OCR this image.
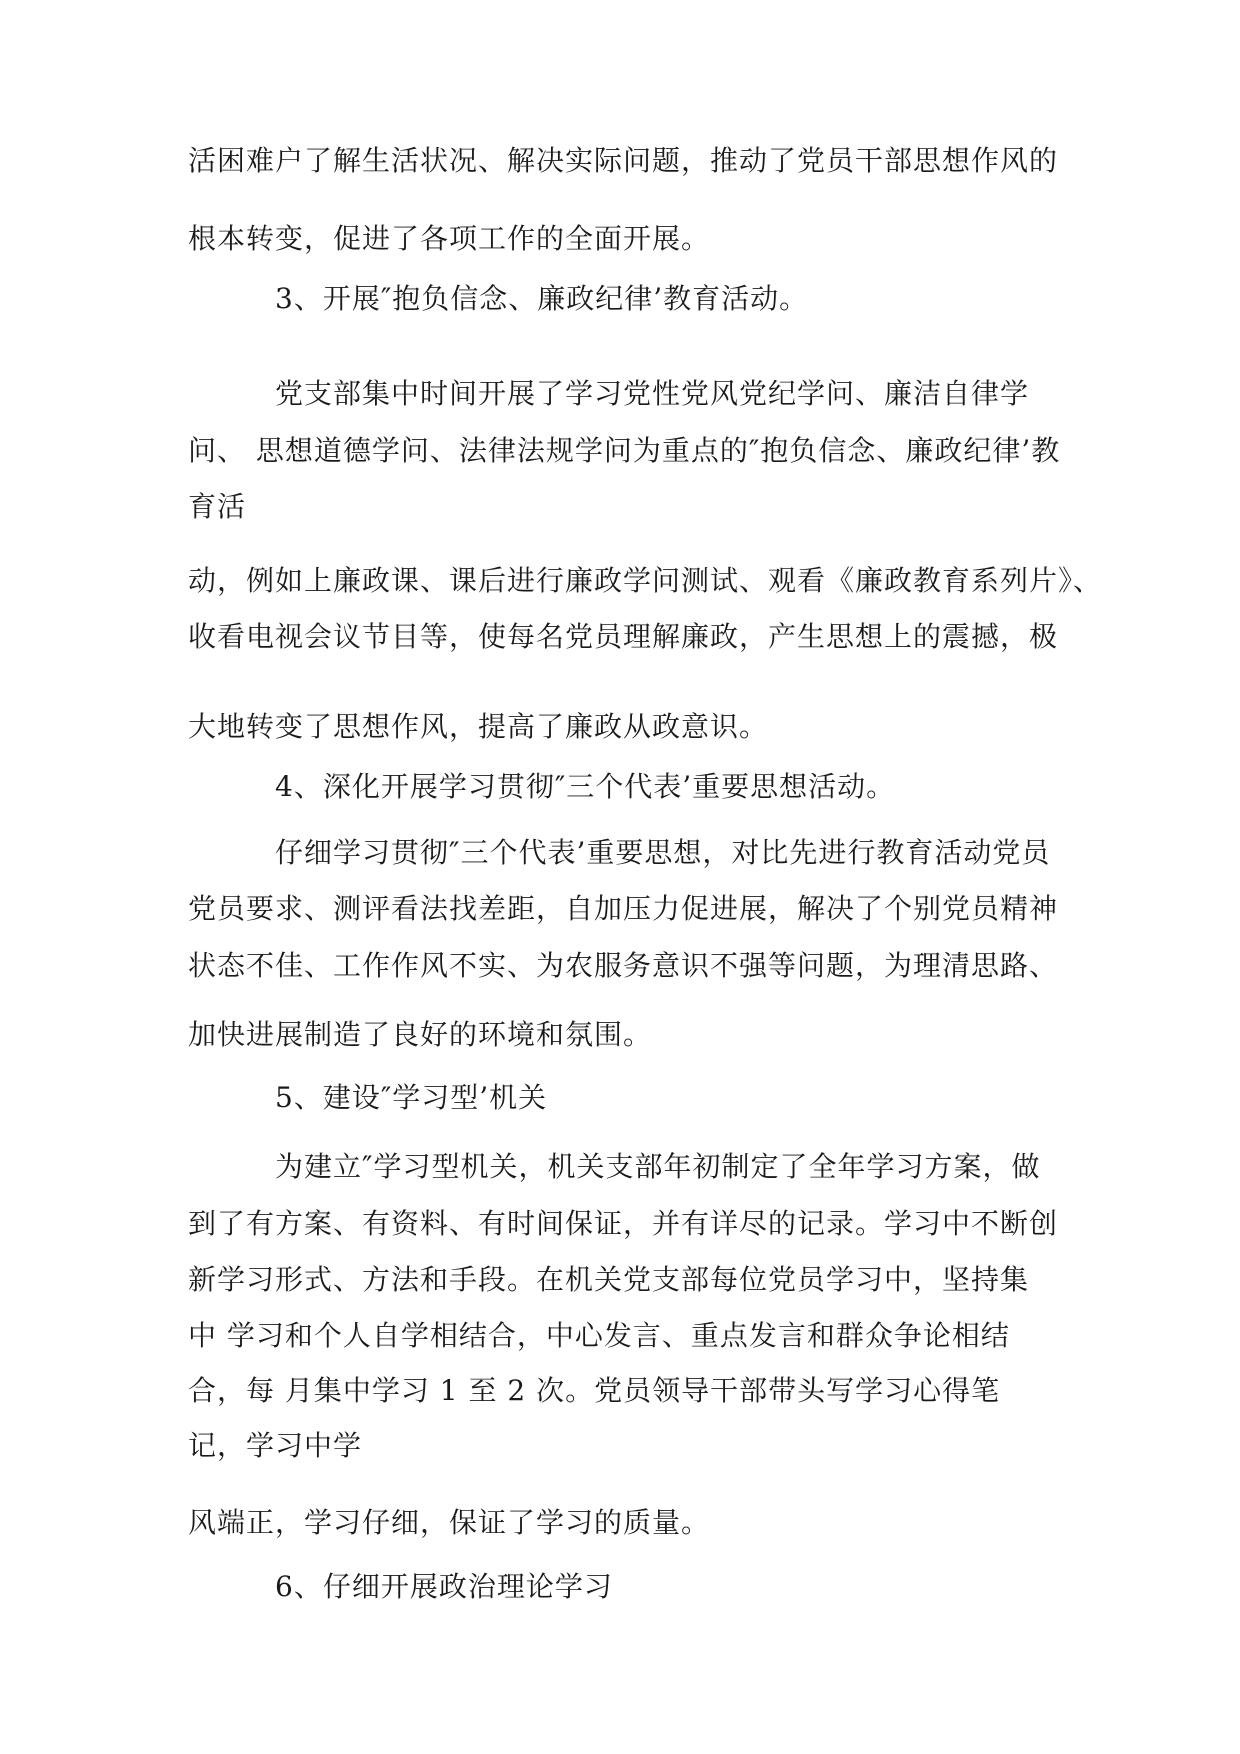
活困难户了解生活状况、解决实际问题，推动了党员干部思想作风的
根本转变，促进了各项工作的全面开展。
3、开展″抱负信念、廉政纪律’教育活动。
党支部集中时间开展了学习党性党风党纪学问、廉洁自律学
问、 思想道德学问、法律法规学问为重点的″抱负信念、廉政纪律’教
育活
动，例如上廉政课、课后进行廉政学问测试、观看《廉政教育系列片》、
收看电视会议节目等，使每名党员理解廉政，产生思想上的震撼，极
大地转变了思想作风，提高了廉政从政意识。
4、深化开展学习贯彻″三个代表’重要思想活动。
仔细学习贯彻″三个代表’重要思想，对比先进行教育活动党员
党员要求、测评看法找差距，自加压力促进展，解决了个别党员精神
状态不佳、工作作风不实、为农服务意识不强等问题，为理清思路、
加快进展制造了良好的环境和氛围。
5、建设″学习型’机关
为建立″学习型机关，机关支部年初制定了全年学习方案，做
到了有方案、有资料、有时间保证，并有详尽的记录。学习中不断创
新学习形式、方法和手段。在机关党支部每位党员学习中，坚持集
中 学习和个人自学相结合，中心发言、重点发言和群众争论相结
合，每 月集中学习 1 至 2 次。党员领导干部带头写学习心得笔
记，学习中学
风端正，学习仔细，保证了学习的质量。
6、仔细开展政治理论学习
